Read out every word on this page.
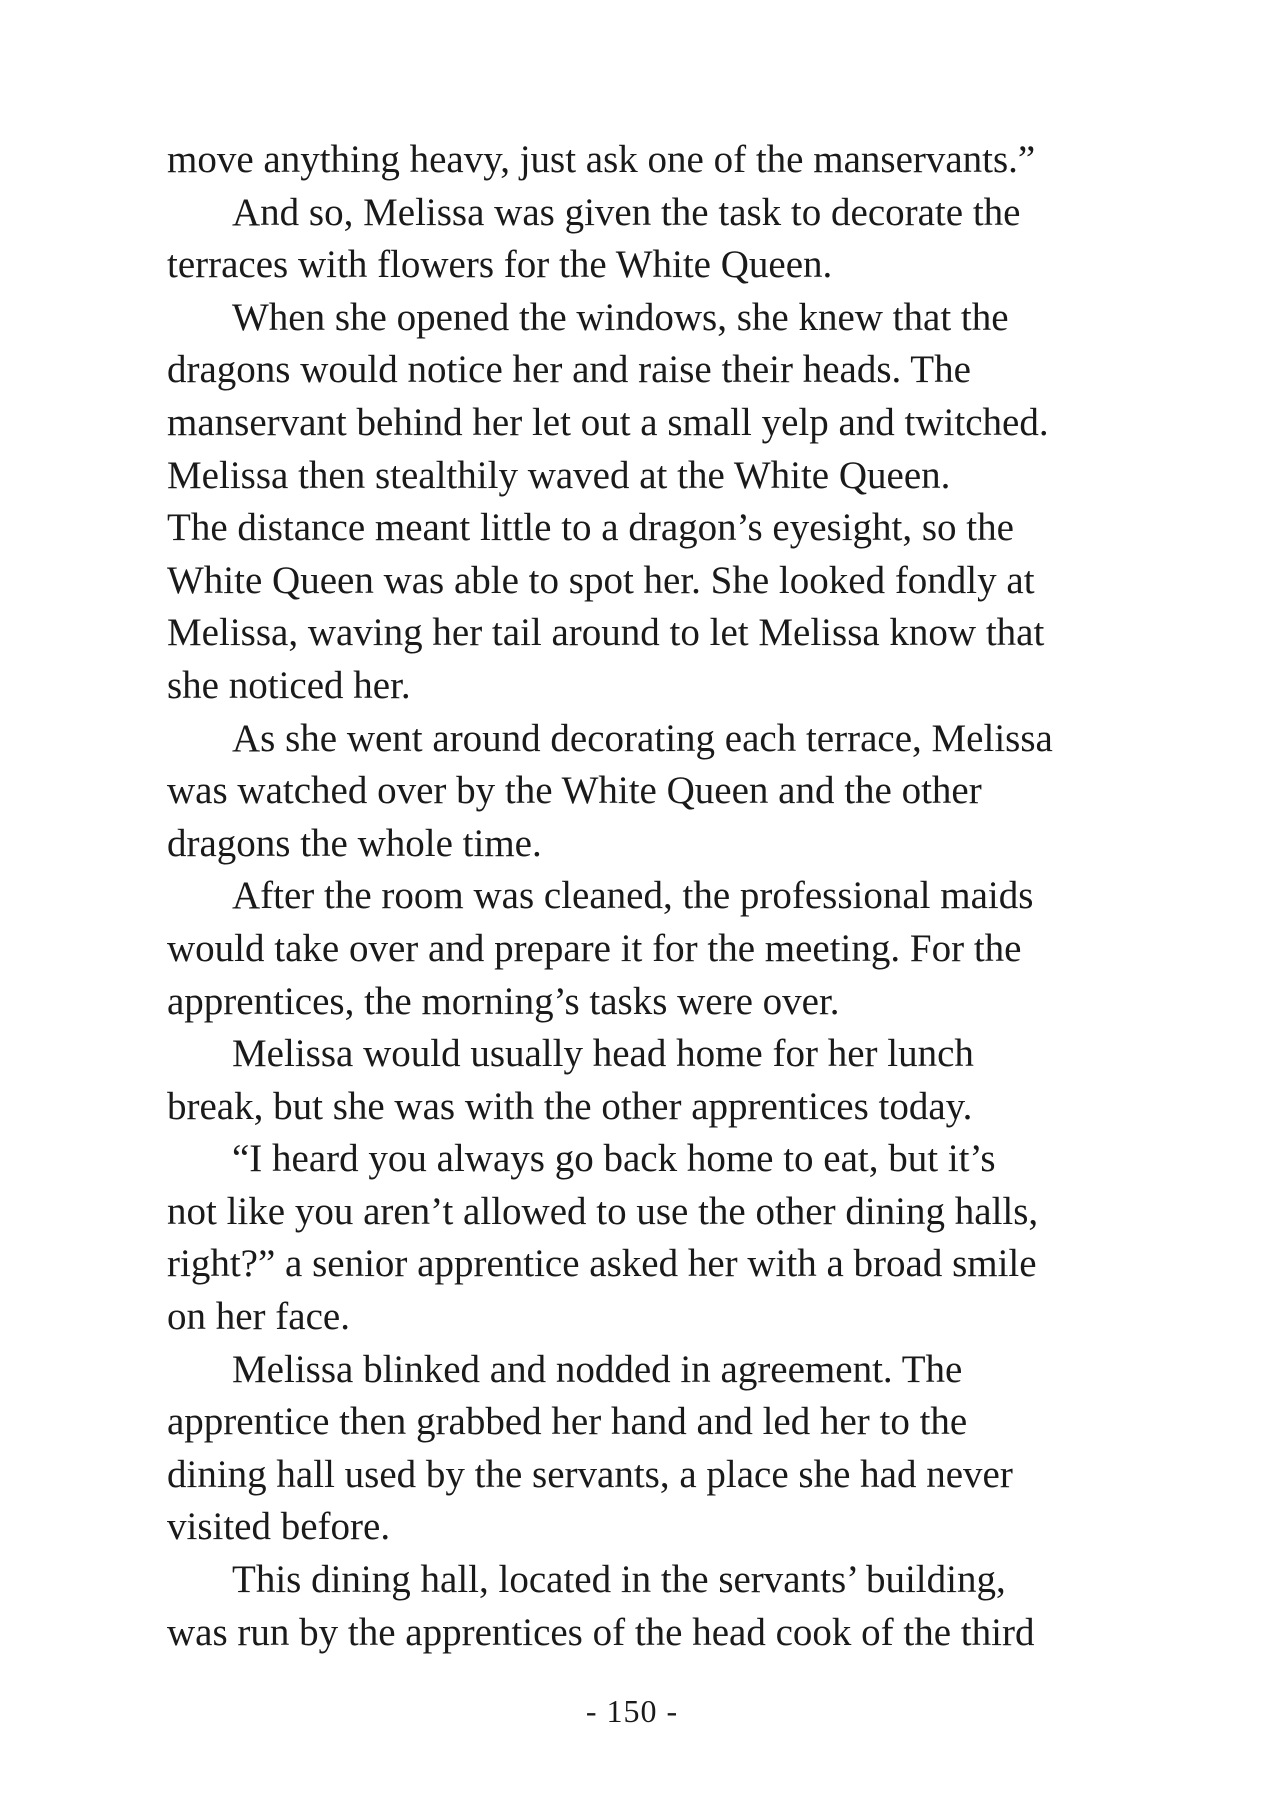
move anything heavy, just ask one of the manservants.”
And so, Melissa was given the task to decorate the
terraces with flowers for the White Queen.
When she opened the windows, she knew that the
dragons would notice her and raise their heads. The
manservant behind her let out a small yelp and twitched.
Melissa then stealthily waved at the White Queen.
The distance meant little to a dragon’s eyesight, so the
White Queen was able to spot her. She looked fondly at
Melissa, waving her tail around to let Melissa know that
she noticed her.
As she went around decorating each terrace, Melissa
was watched over by the White Queen and the other
dragons the whole time.
After the room was cleaned, the professional maids
would take over and prepare it for the meeting. For the
apprentices, the morning’s tasks were over.
Melissa would usually head home for her lunch
break, but she was with the other apprentices today.
“I heard you always go back home to eat, but it’s
not like you aren’t allowed to use the other dining halls,
right?” a senior apprentice asked her with a broad smile
on her face.
Melissa blinked and nodded in agreement. The
apprentice then grabbed her hand and led her to the
dining hall used by the servants, a place she had never
visited before.
This dining hall, located in the servants’ building,
was run by the apprentices of the head cook of the third
- 150 -
